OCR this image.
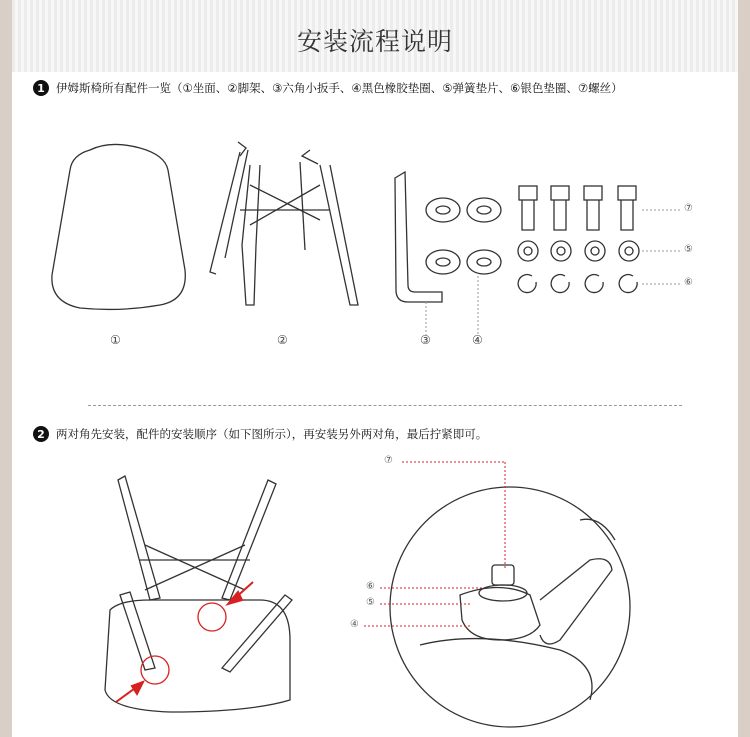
安装流程说明
1 伊姆斯椅所有配件一览（①坐面、②脚架、③六角小扳手、④黑色橡胶垫圈、⑤弹簧垫片、⑥银色垫圈、⑦螺丝）
①	②	③	④
⑦
⑤
⑥
2 两对角先安装，配件的安装顺序（如下图所示），再安装另外两对角，最后拧紧即可。
⑦
⑥
⑤
④
